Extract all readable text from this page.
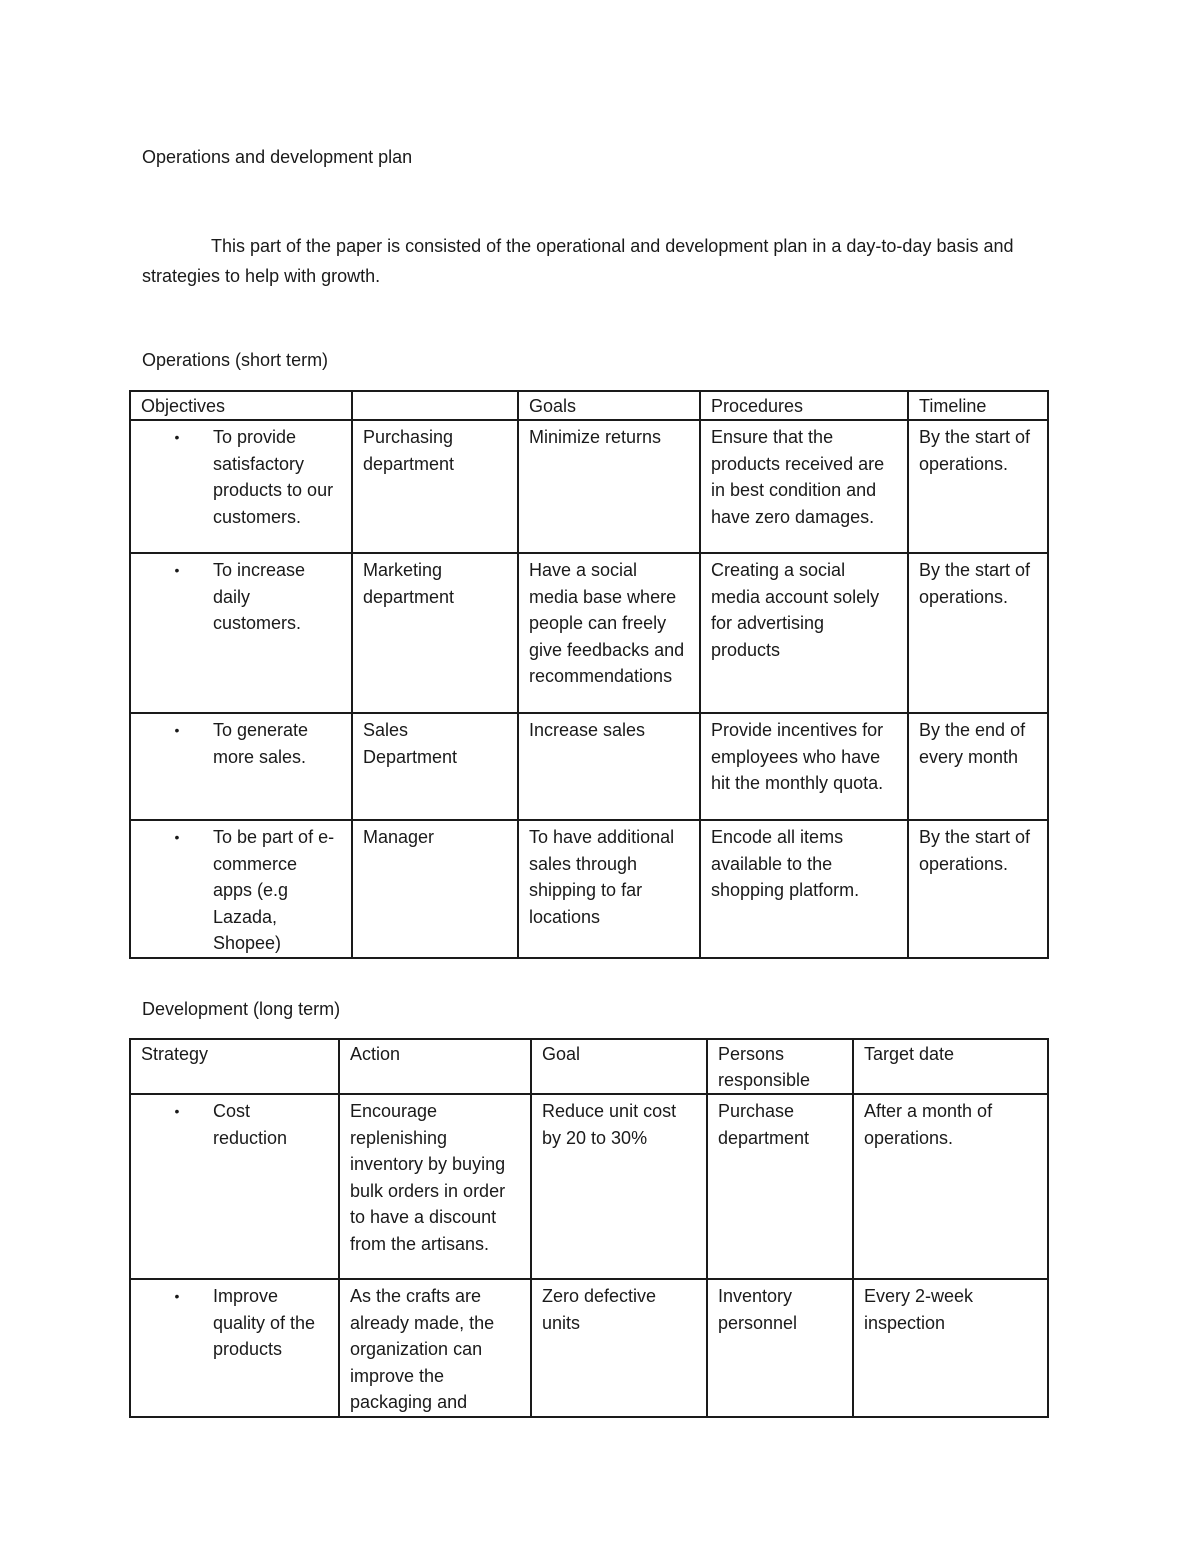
Operations and development plan

This part of the paper is consisted of the operational and development plan in a day-to-day basis and strategies to help with growth.

Operations (short term)
Objectives		Goals	Procedures	Timeline

• To provide satisfactory products to our customers.	Purchasing department	Minimize returns	Ensure that the products received are in best condition and have zero damages.	By the start of operations.

• To increase daily customers.	Marketing department	Have a social media base where people can freely give feedbacks and recommendations	Creating a social media account solely for advertising products	By the start of operations.

• To generate more sales.	Sales Department	Increase sales	Provide incentives for employees who have hit the monthly quota.	By the end of every month

• To be part of e-commerce apps (e.g Lazada, Shopee)	Manager	To have additional sales through shipping to far locations	Encode all items available to the shopping platform.	By the start of operations.
Development (long term)
Strategy	Action	Goal	Persons responsible	Target date

• Cost reduction	Encourage replenishing inventory by buying bulk orders in order to have a discount from the artisans.	Reduce unit cost by 20 to 30%	Purchase department	After a month of operations.

• Improve quality of the products	As the crafts are already made, the organization can improve the packaging and	Zero defective units	Inventory personnel	Every 2-week inspection
